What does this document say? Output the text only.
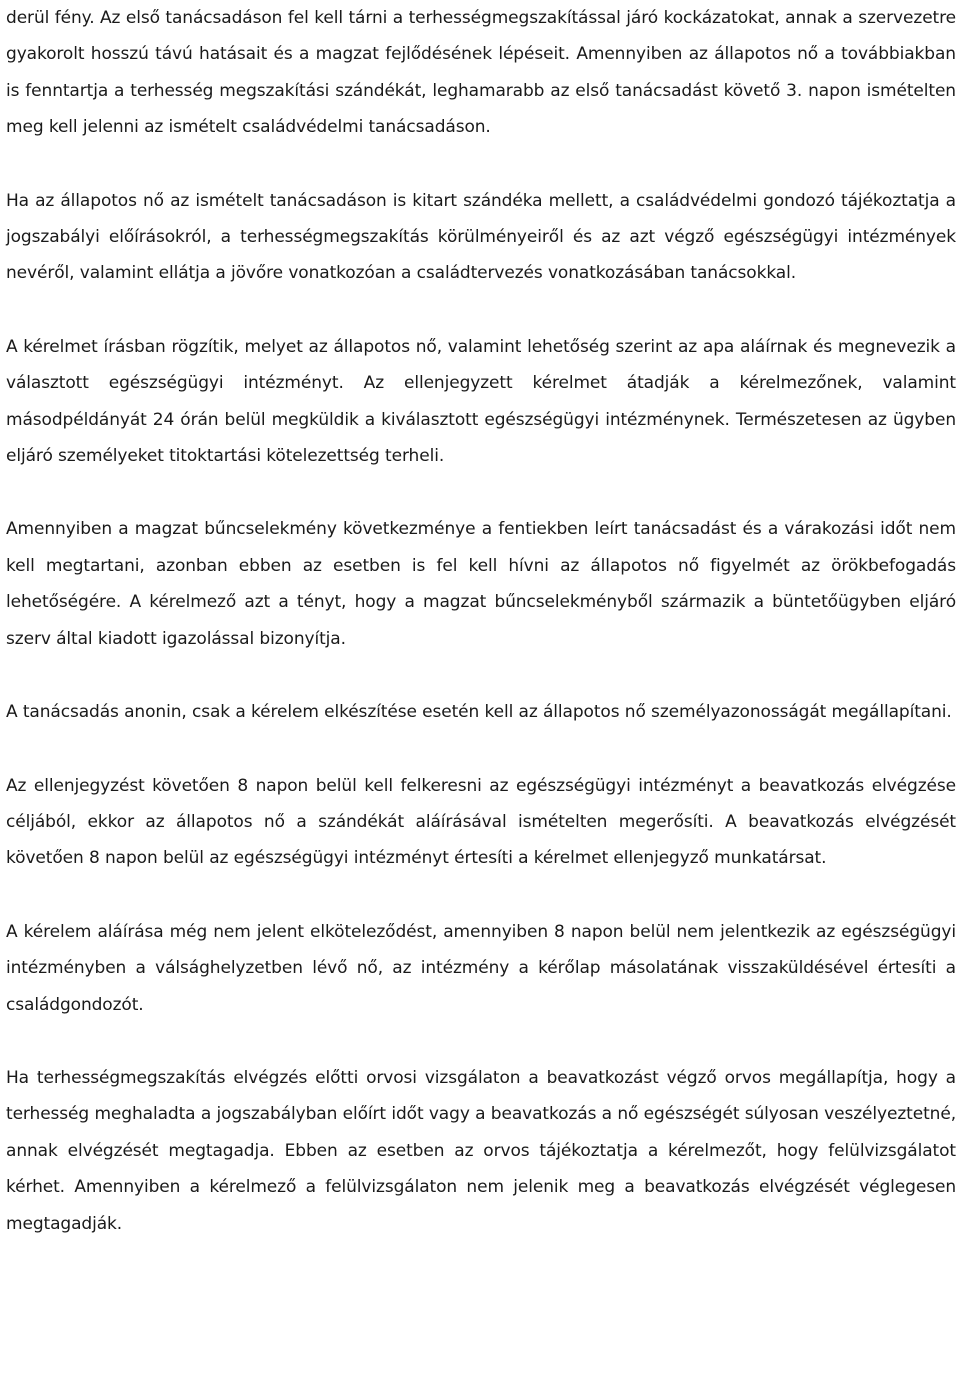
derül fény. Az első tanácsadáson fel kell tárni a terhességmegszakítással járó kockázatokat, annak a szervezetre gyakorolt hosszú távú hatásait és a magzat fejlődésének lépéseit. Amennyiben az állapotos nő a továbbiakban is fenntartja a terhesség megszakítási szándékát, leghamarabb az első tanácsadást követő 3. napon ismételten meg kell jelenni az ismételt családvédelmi tanácsadáson.

Ha az állapotos nő az ismételt tanácsadáson is kitart szándéka mellett, a családvédelmi gondozó tájékoztatja a jogszabályi előírásokról, a terhességmegszakítás körülményeiről és az azt végző egészségügyi intézmények nevéről, valamint ellátja a jövőre vonatkozóan a családtervezés vonatkozásában tanácsokkal.

A kérelmet írásban rögzítik, melyet az állapotos nő, valamint lehetőség szerint az apa aláírnak és megnevezik a választott egészségügyi intézményt. Az ellenjegyzett kérelmet átadják a kérelmezőnek, valamint másodpéldányát 24 órán belül megküldik a kiválasztott egészségügyi intézménynek. Természetesen az ügyben eljáró személyeket titoktartási kötelezettség terheli.

Amennyiben a magzat bűncselekmény következménye a fentiekben leírt tanácsadást és a várakozási időt nem kell megtartani, azonban ebben az esetben is fel kell hívni az állapotos nő figyelmét az örökbefogadás lehetőségére. A kérelmező azt a tényt, hogy a magzat bűncselekményből származik a büntetőügyben eljáró szerv által kiadott igazolással bizonyítja.

A tanácsadás anonin, csak a kérelem elkészítése esetén kell az állapotos nő személyazonosságát megállapítani.

Az ellenjegyzést követően 8 napon belül kell felkeresni az egészségügyi intézményt a beavatkozás elvégzése céljából, ekkor az állapotos nő a szándékát aláírásával ismételten megerősíti. A beavatkozás elvégzését követően 8 napon belül az egészségügyi intézményt értesíti a kérelmet ellenjegyző munkatársat.

A kérelem aláírása még nem jelent elköteleződést, amennyiben 8 napon belül nem jelentkezik az egészségügyi intézményben a válsághelyzetben lévő nő, az intézmény a kérőlap másolatának visszaküldésével értesíti a családgondozót.

Ha terhességmegszakítás elvégzés előtti orvosi vizsgálaton a beavatkozást végző orvos megállapítja, hogy a terhesség meghaladta a jogszabályban előírt időt vagy a beavatkozás a nő egészségét súlyosan veszélyeztetné, annak elvégzését megtagadja. Ebben az esetben az orvos tájékoztatja a kérelmezőt, hogy felülvizsgálatot kérhet. Amennyiben a kérelmező a felülvizsgálaton nem jelenik meg a beavatkozás elvégzését véglegesen megtagadják.
